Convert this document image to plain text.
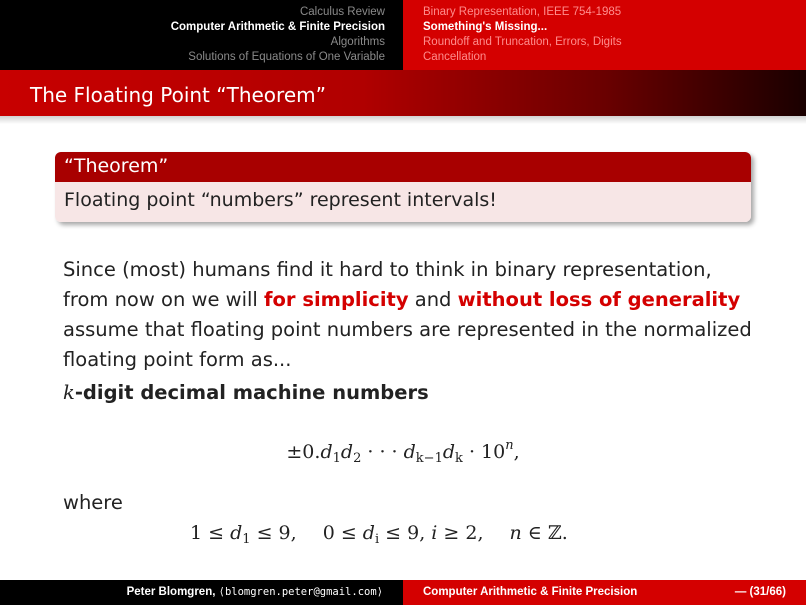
Calculus Review
Computer Arithmetic & Finite Precision
Algorithms
Solutions of Equations of One Variable
Binary Representation, IEEE 754-1985
Something's Missing...
Roundoff and Truncation, Errors, Digits
Cancellation
The Floating Point “Theorem”
“Theorem”
Floating point “numbers” represent intervals!
Since (most) humans find it hard to think in binary representation, from now on we will for simplicity and without loss of generality assume that floating point numbers are represented in the normalized floating point form as...
k-digit decimal machine numbers
$\pm 0.d_1d_2$ · · · $d_{k-1}d_k \cdot 10^n$,
where
$1 \le d_1 \le 9$, $0 \le d_i \le 9$, i ≥ 2, n ∈ ℤ.
Peter Blomgren, ⟨blomgren.peter@gmail.com⟩	Computer Arithmetic & Finite Precision	— (31/66)
